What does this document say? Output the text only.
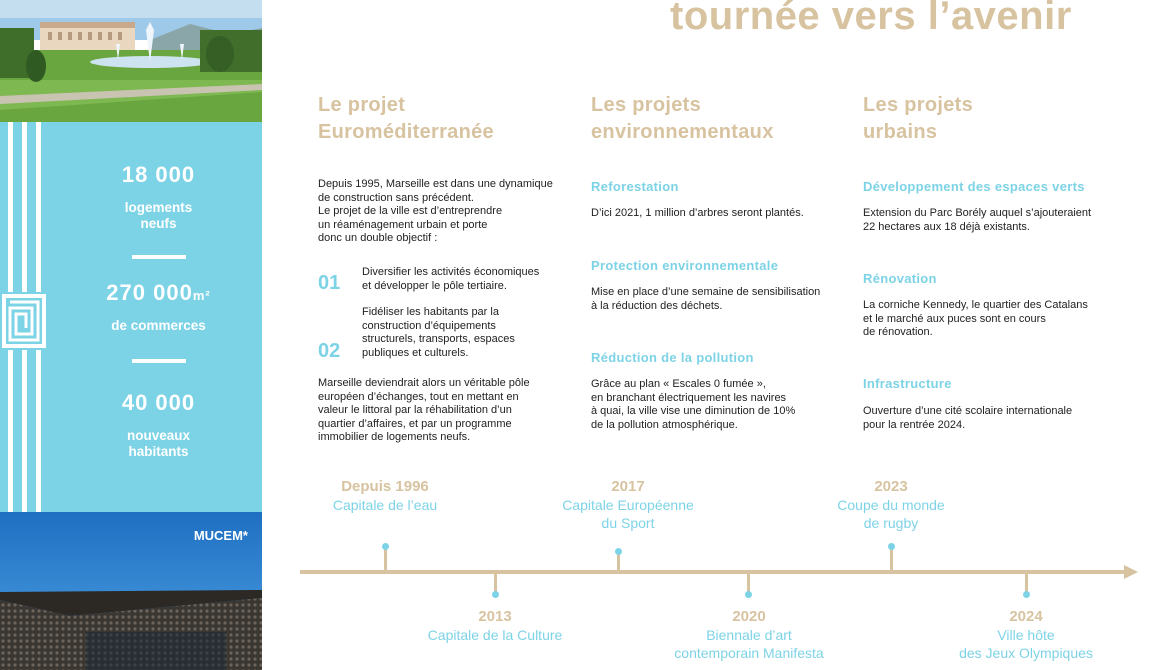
18 000
logements
neufs
270 000m²
de commerces
40 000
nouveaux
habitants
MUCEM*
tournée vers l’avenir
Le projet
Euroméditerranée
Depuis 1995, Marseille est dans une dynamique
de construction sans précédent.
Le projet de la ville est d’entreprendre
un réaménagement urbain et porte
donc un double objectif :
01 Diversifier les activités économiques
et développer le pôle tertiaire.
Fidéliser les habitants par la
construction d’équipements
structurels, transports, espaces
publiques et culturels.
02
Marseille deviendrait alors un véritable pôle
européen d’échanges, tout en mettant en
valeur le littoral par la réhabilitation d’un
quartier d’affaires, et par un programme
immobilier de logements neufs.
Les projets
environnementaux
Reforestation
D’ici 2021, 1 million d’arbres seront plantés.
Protection environnementale
Mise en place d’une semaine de sensibilisation
à la réduction des déchets.
Réduction de la pollution
Grâce au plan « Escales 0 fumée »,
en branchant électriquement les navires
à quai, la ville vise une diminution de 10%
de la pollution atmosphérique.
Les projets
urbains
Développement des espaces verts
Extension du Parc Borély auquel s’ajouteraient
22 hectares aux 18 déjà existants.
Rénovation
La corniche Kennedy, le quartier des Catalans
et le marché aux puces sont en cours
de rénovation.
Infrastructure
Ouverture d’une cité scolaire internationale
pour la rentrée 2024.
Depuis 1996
Capitale de l’eau
2017
Capitale Européenne
du Sport
2023
Coupe du monde
de rugby
2013
Capitale de la Culture
2020
Biennale d’art
contemporain Manifesta
2024
Ville hôte
des Jeux Olympiques
